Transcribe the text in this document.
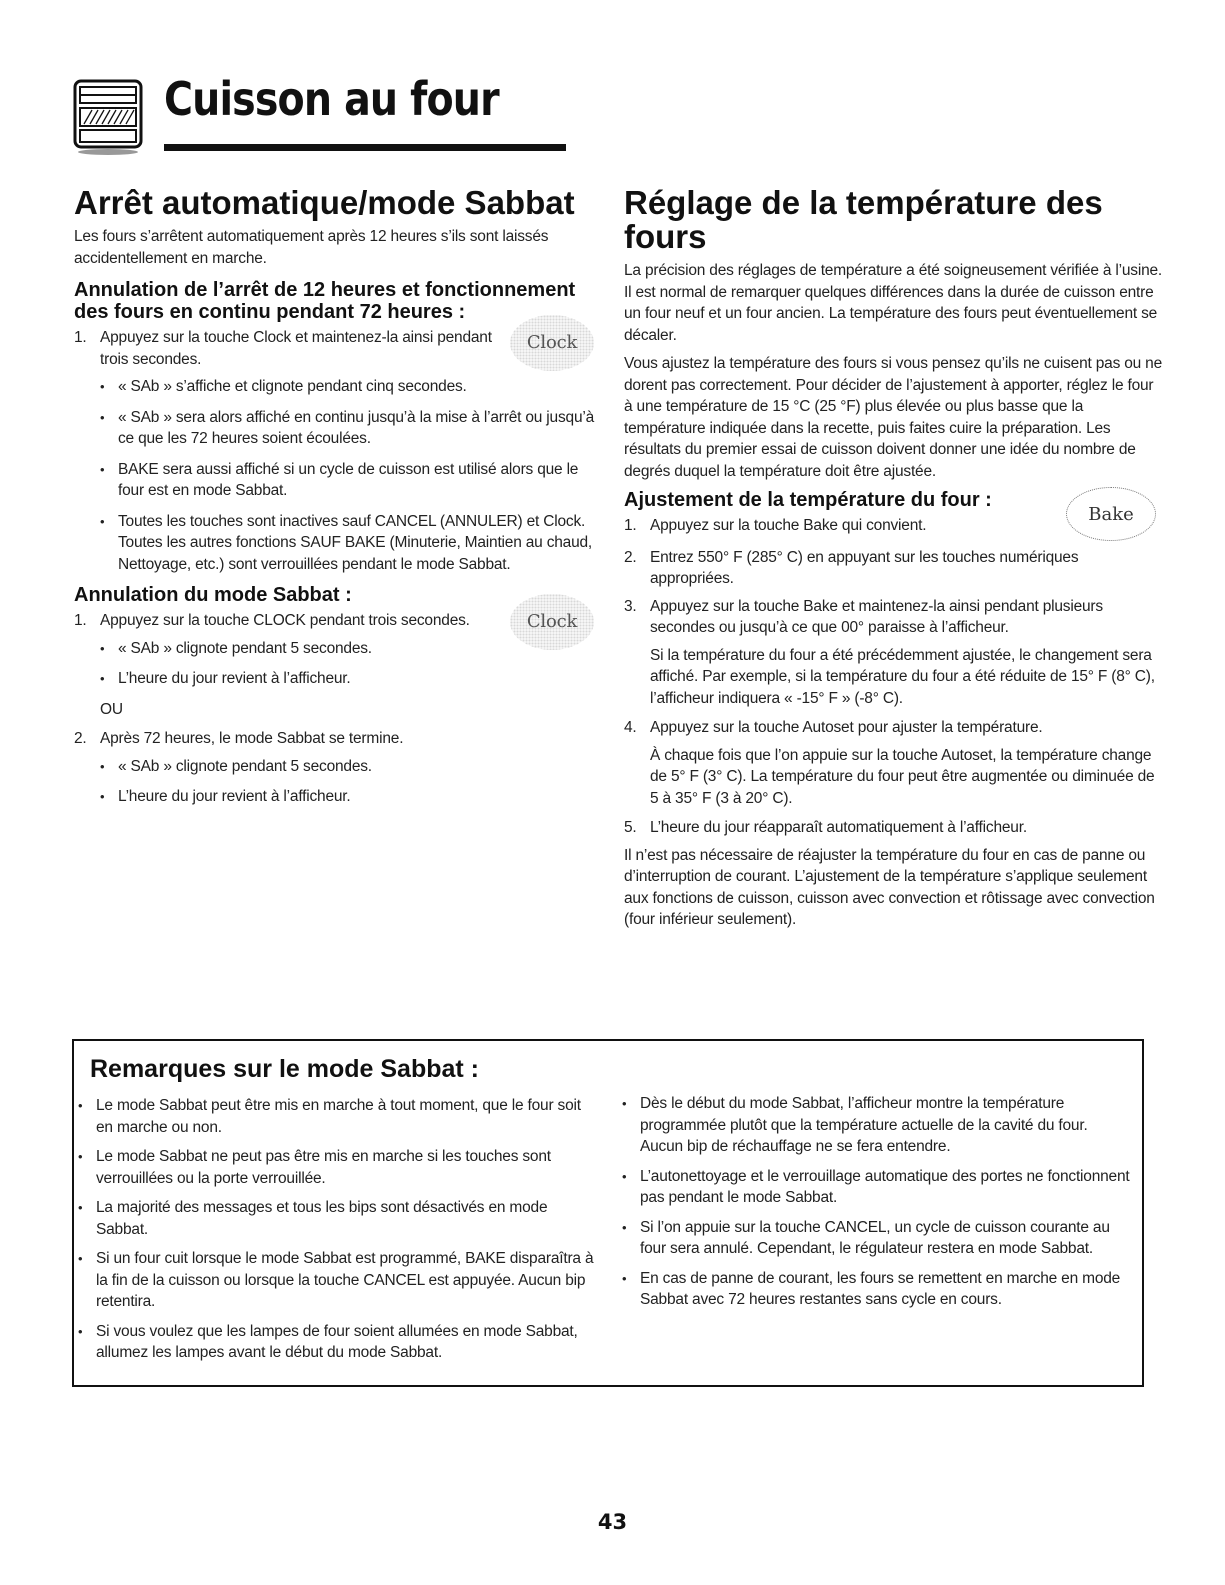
Cuisson au four
Arrêt automatique/mode Sabbat

Les fours s’arrêtent automatiquement après 12 heures s’ils sont laissés accidentellement en marche.

Annulation de l’arrêt de 12 heures et fonctionnement des fours en continu pendant 72 heures :
1. Appuyez sur la touche Clock et maintenez-la ainsi pendant trois secondes.
Clock
• « SAb » s’affiche et clignote pendant cinq secondes.
• « SAb » sera alors affiché en continu jusqu’à la mise à l’arrêt ou jusqu’à ce que les 72 heures soient écoulées.
• BAKE sera aussi affiché si un cycle de cuisson est utilisé alors que le four est en mode Sabbat.
• Toutes les touches sont inactives sauf CANCEL (ANNULER) et Clock. Toutes les autres fonctions SAUF BAKE (Minuterie, Maintien au chaud, Nettoyage, etc.) sont verrouillées pendant le mode Sabbat.
Annulation du mode Sabbat :
1. Appuyez sur la touche CLOCK pendant trois secondes.	Clock
• « SAb » clignote pendant 5 secondes.
• L’heure du jour revient à l’afficheur.
OU
2. Après 72 heures, le mode Sabbat se termine.
• « SAb » clignote pendant 5 secondes.
• L’heure du jour revient à l’afficheur.
Réglage de la température des fours

La précision des réglages de température a été soigneusement vérifiée à l’usine. Il est normal de remarquer quelques différences dans la durée de cuisson entre un four neuf et un four ancien. La température des fours peut éventuellement se décaler.

Vous ajustez la température des fours si vous pensez qu’ils ne cuisent pas ou ne dorent pas correctement. Pour décider de l’ajustement à apporter, réglez le four à une température de 15 °C (25 °F) plus élevée ou plus basse que la température indiquée dans la recette, puis faites cuire la préparation. Les résultats du premier essai de cuisson doivent donner une idée du nombre de degrés duquel la température doit être ajustée.

Ajustement de la température du four :
Bake
1. Appuyez sur la touche Bake qui convient.
2. Entrez 550° F (285° C) en appuyant sur les touches numériques appropriées.
3. Appuyez sur la touche Bake et maintenez-la ainsi pendant plusieurs secondes ou jusqu’à ce que 00° paraisse à l’afficheur.
Si la température du four a été précédemment ajustée, le changement sera affiché. Par exemple, si la température du four a été réduite de 15° F (8° C), l’afficheur indiquera « -15° F » (-8° C).
4. Appuyez sur la touche Autoset pour ajuster la température.
À chaque fois que l’on appuie sur la touche Autoset, la température change de 5° F (3° C). La température du four peut être augmentée ou diminuée de 5 à 35° F (3 à 20° C).
5. L’heure du jour réapparaît automatiquement à l’afficheur.

Il n’est pas nécessaire de réajuster la température du four en cas de panne ou d’interruption de courant. L’ajustement de la température s’applique seulement aux fonctions de cuisson, cuisson avec convection et rôtissage avec convection (four inférieur seulement).

Remarques sur le mode Sabbat :
• Le mode Sabbat peut être mis en marche à tout moment, que le four soit en marche ou non.
• Le mode Sabbat ne peut pas être mis en marche si les touches sont verrouillées ou la porte verrouillée.
• La majorité des messages et tous les bips sont désactivés en mode Sabbat.
• Si un four cuit lorsque le mode Sabbat est programmé, BAKE disparaîtra à la fin de la cuisson ou lorsque la touche CANCEL est appuyée. Aucun bip retentira.
• Si vous voulez que les lampes de four soient allumées en mode Sabbat, allumez les lampes avant le début du mode Sabbat.
• Dès le début du mode Sabbat, l’afficheur montre la température programmée plutôt que la température actuelle de la cavité du four. Aucun bip de réchauffage ne se fera entendre.
• L’autonettoyage et le verrouillage automatique des portes ne fonctionnent pas pendant le mode Sabbat.
• Si l’on appuie sur la touche CANCEL, un cycle de cuisson courante au four sera annulé. Cependant, le régulateur restera en mode Sabbat.
• En cas de panne de courant, les fours se remettent en marche en mode Sabbat avec 72 heures restantes sans cycle en cours.
43
